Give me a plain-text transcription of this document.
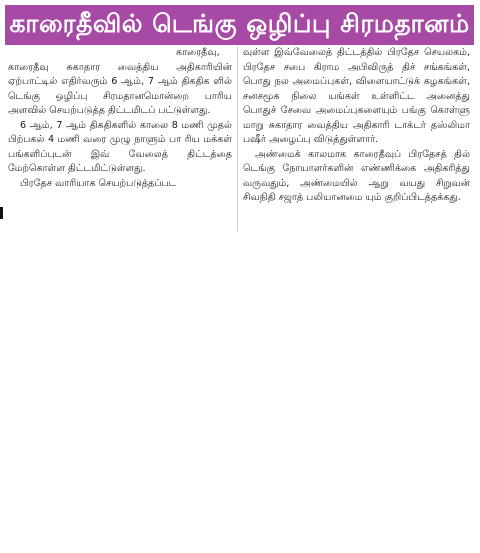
காரைதீவில் டெங்கு ஒழிப்பு சிரமதானம்

காரைதீவு, காரைதீவு சுகாதார வைத்திய அதிகாரியின் ஏற்பாட்டில் எதிர்வரும் 6 ஆம், 7 ஆம் திகதிக ளில் டெங்கு ஒழிப்பு சிரமதானமொன்றை பாரிய அளவில் செயற்படுத்த திட்டமிடப் பட்டுள்ளது.

6 ஆம், 7 ஆம் திகதிகளில் காலை 8 மணி முதல் பிற்பகல் 4 மணி வரை முழு நாளும் பா ரிய மக்கள் பங்களிப்புடன் இவ் வேலைத் திட்டத்தை மேற்கொள்ள திட்டமிட்டுள்ளது.

பிரதேச வாரியாக செயற்படுத்தப்பட

வுள்ள இவ்வேலைத் திட்டத்தில் பிரதேச செயலகம், பிரதேச சபை கிராம அபிவிருத் திச் சங்கங்கள், பொது நல அமைப்புகள், விளையாட்டுக் கழகங்கள், சனசமூக நிலை யங்கள் உள்ளிட்ட அனைத்து பொதுச் சேவை அமைப்புகளையும் பங்கு கொள்ளு மாறு சுகாதார வைத்திய அதிகாரி டாக்டர் தஸ்லிமா பஷீர் அழைப்பு விடுத்துள்ளார்.

அண்மைக் காலமாக காரைதீவுப் பிரதேசத் தில் டெங்கு நோயாளர்களின் எண்ணிக்கை அதிகரித்து வருவதும், அண்மையில் ஆறு வயது சிறுவன் சிவநிதி சஜாத் பலியானமை யும் குறிப்பிடத்தக்கது.
